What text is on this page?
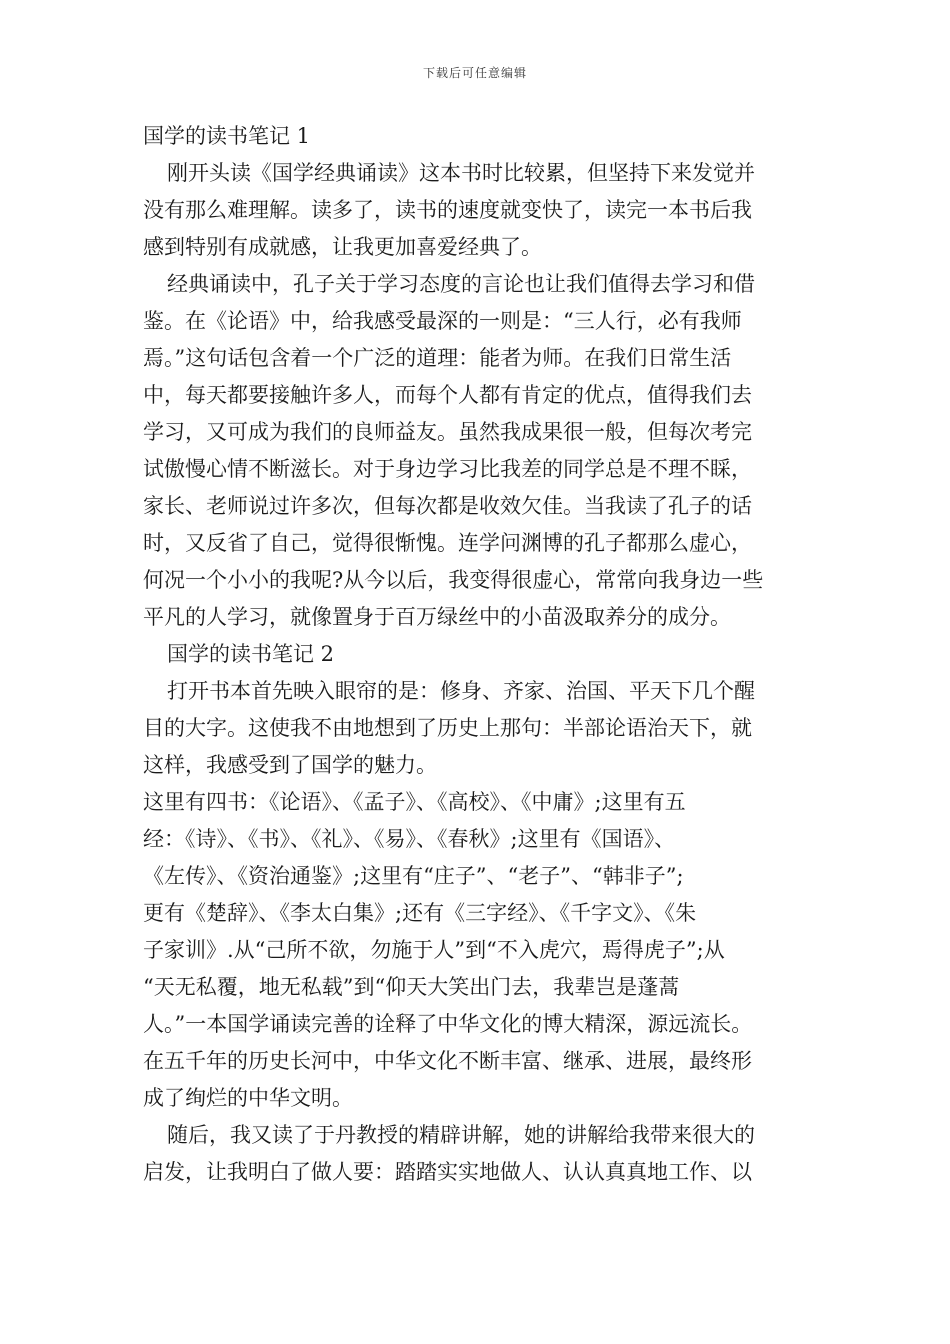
下载后可任意编辑
国学的读书笔记 1
刚开头读《国学经典诵读》这本书时比较累，但坚持下来发觉并
没有那么难理解。读多了，读书的速度就变快了，读完一本书后我
感到特别有成就感，让我更加喜爱经典了。
经典诵读中，孔子关于学习态度的言论也让我们值得去学习和借
鉴。在《论语》中，给我感受最深的一则是：“三人行，必有我师
焉。”这句话包含着一个广泛的道理：能者为师。在我们日常生活
中，每天都要接触许多人，而每个人都有肯定的优点，值得我们去
学习，又可成为我们的良师益友。虽然我成果很一般，但每次考完
试傲慢心情不断滋长。对于身边学习比我差的同学总是不理不睬，
家长、老师说过许多次，但每次都是收效欠佳。当我读了孔子的话
时，又反省了自己，觉得很惭愧。连学问渊博的孔子都那么虚心，
何况一个小小的我呢?从今以后，我变得很虚心，常常向我身边一些
平凡的人学习，就像置身于百万绿丝中的小苗汲取养分的成分。
国学的读书笔记 2
打开书本首先映入眼帘的是：修身、齐家、治国、平天下几个醒
目的大字。这使我不由地想到了历史上那句：半部论语治天下，就
这样，我感受到了国学的魅力。
这里有四书：《论语》、《孟子》、《高校》、《中庸》;这里有五
经：《诗》、《书》、《礼》、《易》、《春秋》;这里有《国语》、
《左传》、《资治通鉴》;这里有“庄子”、“老子”、“韩非子”;
更有《楚辞》、《李太白集》;还有《三字经》、《千字文》、《朱
子家训》.从“己所不欲，勿施于人”到“不入虎穴，焉得虎子”;从
“天无私覆，地无私载”到“仰天大笑出门去，我辈岂是蓬蒿
人。”一本国学诵读完善的诠释了中华文化的博大精深，源远流长。
在五千年的历史长河中，中华文化不断丰富、继承、进展，最终形
成了绚烂的中华文明。
随后，我又读了于丹教授的精辟讲解，她的讲解给我带来很大的
启发，让我明白了做人要：踏踏实实地做人、认认真真地工作、以
